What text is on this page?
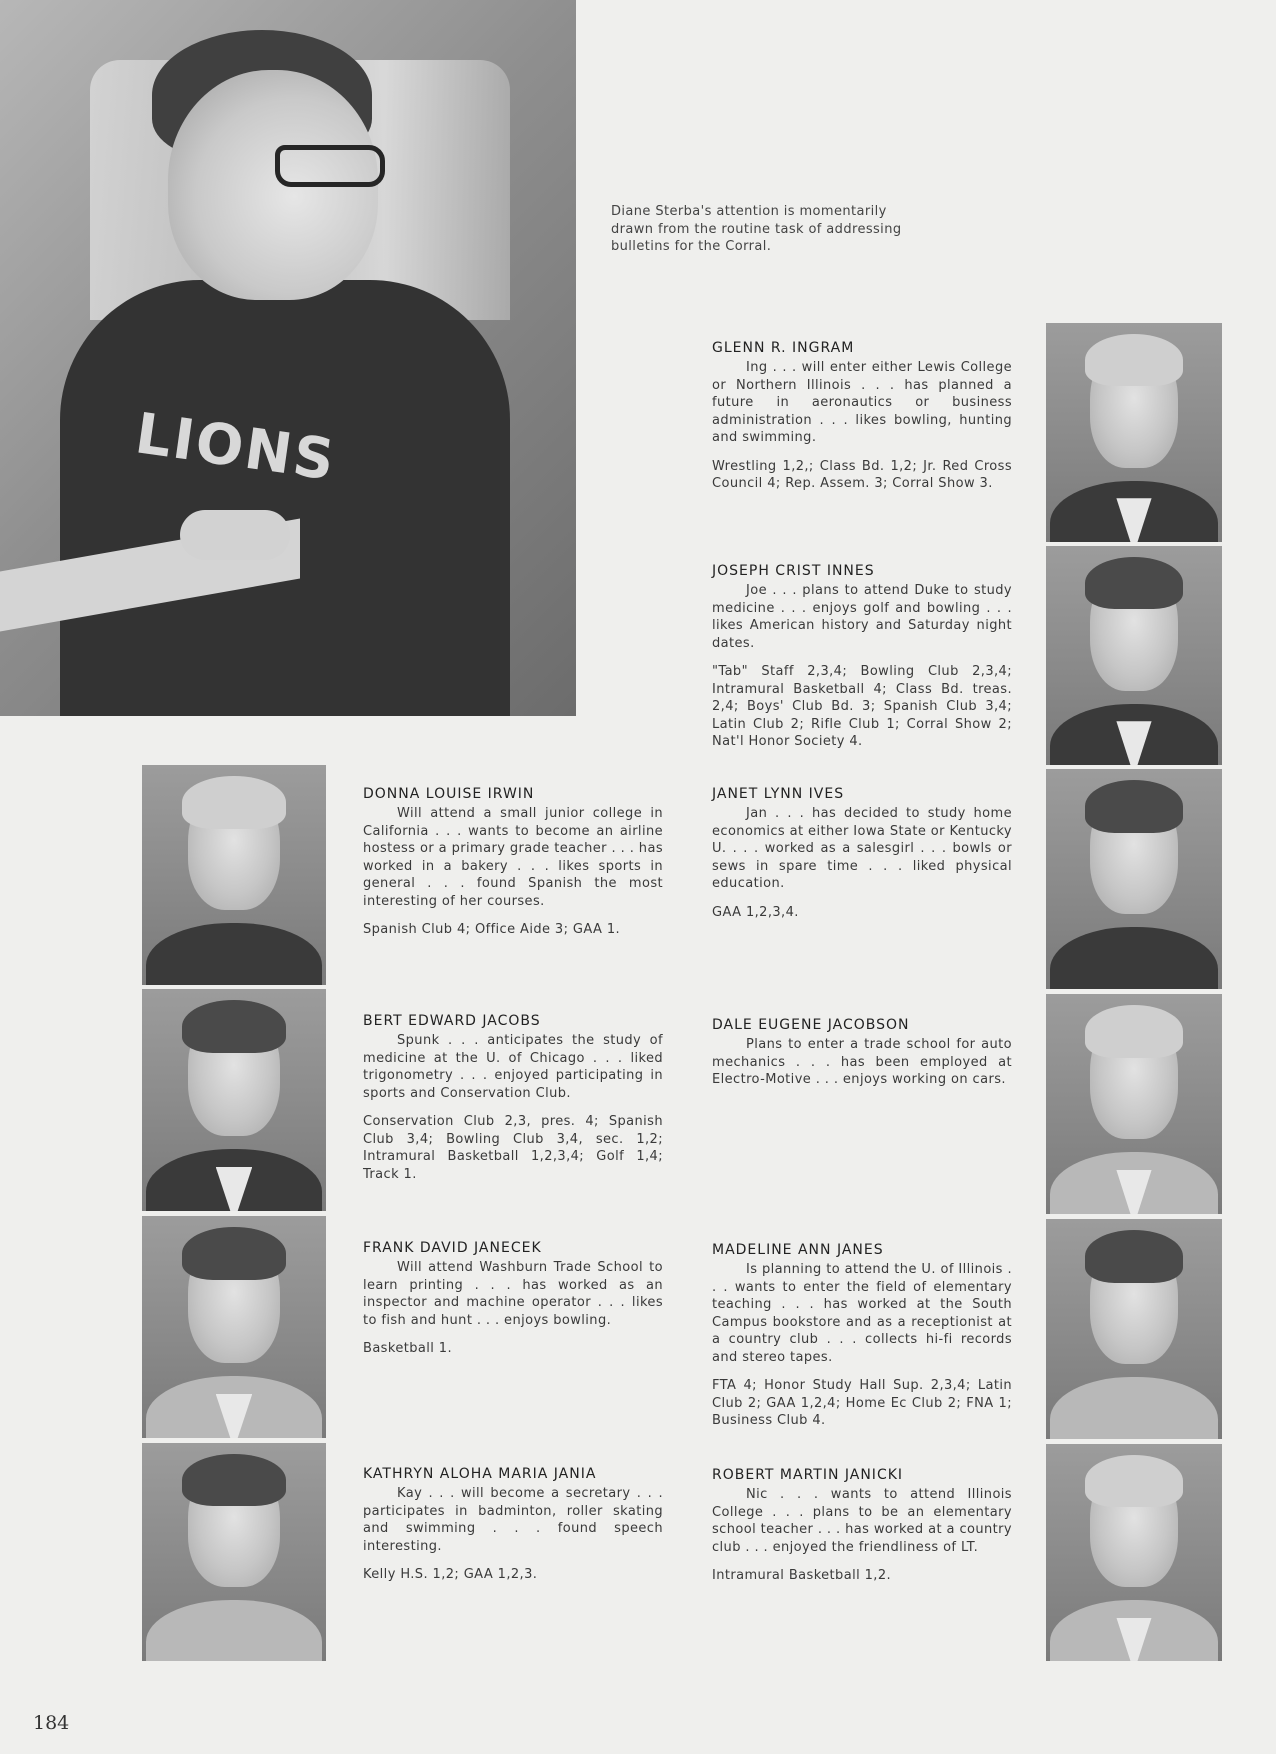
LIONS

Diane Sterba's attention is momentarily drawn from the routine task of addressing bulletins for the Corral.

GLENN R. INGRAM

Ing . . . will enter either Lewis College or Northern Illinois . . . has planned a future in aeronautics or business administration . . . likes bowling, hunting and swimming.

Wrestling 1,2,; Class Bd. 1,2; Jr. Red Cross Council 4; Rep. Assem. 3; Corral Show 3.

JOSEPH CRIST INNES

Joe . . . plans to attend Duke to study medicine . . . enjoys golf and bowling . . . likes American history and Saturday night dates.

"Tab" Staff 2,3,4; Bowling Club 2,3,4; Intramural Basketball 4; Class Bd. treas. 2,4; Boys' Club Bd. 3; Spanish Club 3,4; Latin Club 2; Rifle Club 1; Corral Show 2; Nat'l Honor Society 4.

JANET LYNN IVES

Jan . . . has decided to study home economics at either Iowa State or Kentucky U. . . . worked as a salesgirl . . . bowls or sews in spare time . . . liked physical education.

GAA 1,2,3,4.

DALE EUGENE JACOBSON

Plans to enter a trade school for auto mechanics . . . has been employed at Electro-Motive . . . enjoys working on cars.

MADELINE ANN JANES

Is planning to attend the U. of Illinois . . . wants to enter the field of elementary teaching . . . has worked at the South Campus bookstore and as a receptionist at a country club . . . collects hi-fi records and stereo tapes.

FTA 4; Honor Study Hall Sup. 2,3,4; Latin Club 2; GAA 1,2,4; Home Ec Club 2; FNA 1; Business Club 4.

ROBERT MARTIN JANICKI

Nic . . . wants to attend Illinois College . . . plans to be an elementary school teacher . . . has worked at a country club . . . enjoyed the friendliness of LT.

Intramural Basketball 1,2.

DONNA LOUISE IRWIN

Will attend a small junior college in California . . . wants to become an airline hostess or a primary grade teacher . . . has worked in a bakery . . . likes sports in general . . . found Spanish the most interesting of her courses.

Spanish Club 4; Office Aide 3; GAA 1.

BERT EDWARD JACOBS

Spunk . . . anticipates the study of medicine at the U. of Chicago . . . liked trigonometry . . . enjoyed participating in sports and Conservation Club.

Conservation Club 2,3, pres. 4; Spanish Club 3,4; Bowling Club 3,4, sec. 1,2; Intramural Basketball 1,2,3,4; Golf 1,4; Track 1.

FRANK DAVID JANECEK

Will attend Washburn Trade School to learn printing . . . has worked as an inspector and machine operator . . . likes to fish and hunt . . . enjoys bowling.

Basketball 1.

KATHRYN ALOHA MARIA JANIA

Kay . . . will become a secretary . . . participates in badminton, roller skating and swimming . . . found speech interesting.

Kelly H.S. 1,2; GAA 1,2,3.

184
